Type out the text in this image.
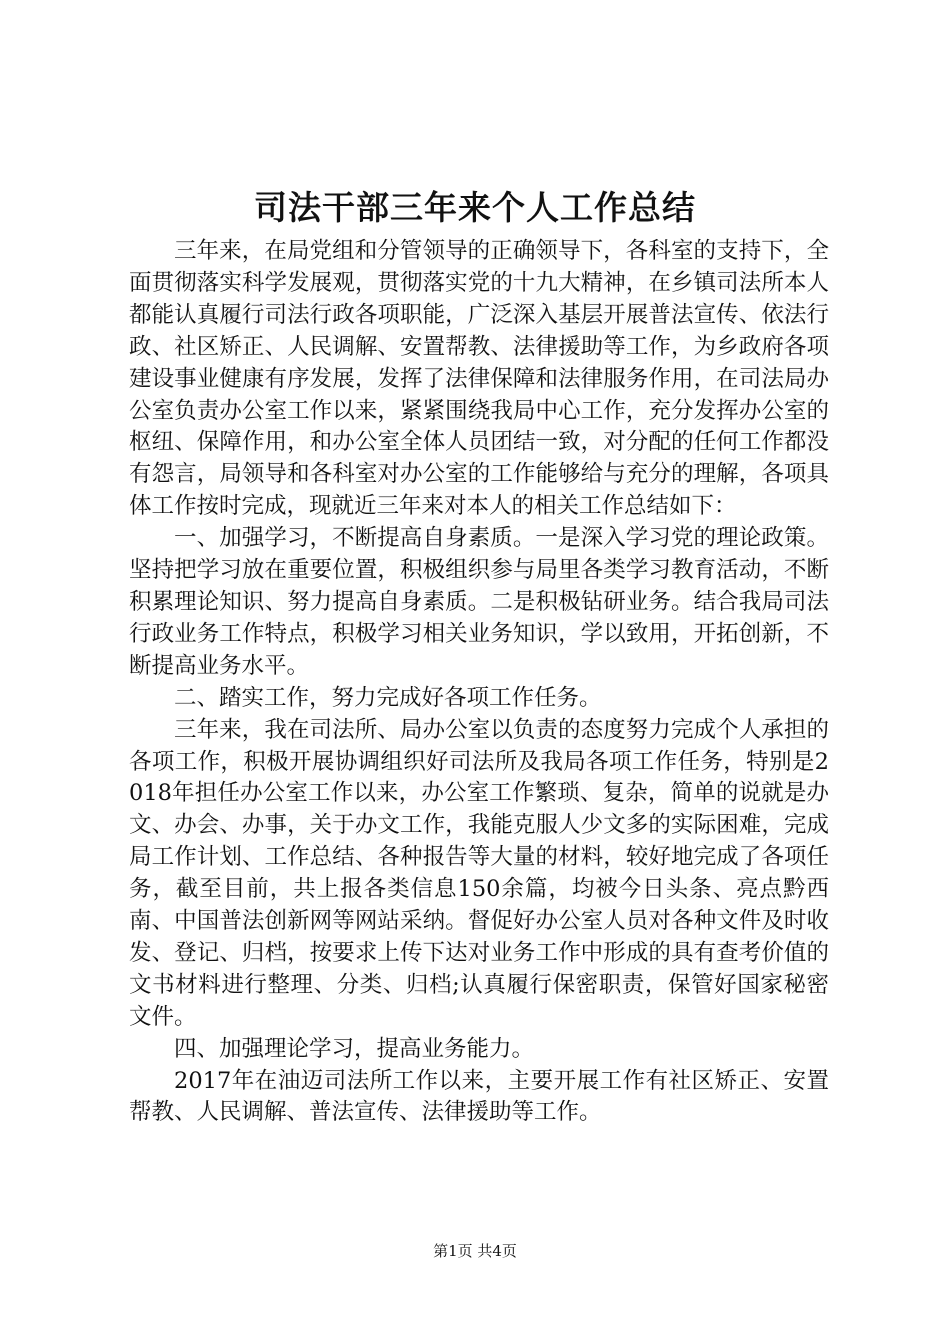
司法干部三年来个人工作总结

三年来，在局党组和分管领导的正确领导下，各科室的支持下，全面贯彻落实科学发展观，贯彻落实党的十九大精神，在乡镇司法所本人都能认真履行司法行政各项职能，广泛深入基层开展普法宣传、依法行政、社区矫正、人民调解、安置帮教、法律援助等工作，为乡政府各项建设事业健康有序发展，发挥了法律保障和法律服务作用，在司法局办公室负责办公室工作以来，紧紧围绕我局中心工作，充分发挥办公室的枢纽、保障作用，和办公室全体人员团结一致，对分配的任何工作都没有怨言，局领导和各科室对办公室的工作能够给与充分的理解，各项具体工作按时完成，现就近三年来对本人的相关工作总结如下：

一、加强学习，不断提高自身素质。一是深入学习党的理论政策。坚持把学习放在重要位置，积极组织参与局里各类学习教育活动，不断积累理论知识、努力提高自身素质。二是积极钻研业务。结合我局司法行政业务工作特点，积极学习相关业务知识，学以致用，开拓创新，不断提高业务水平。

二、踏实工作，努力完成好各项工作任务。

三年来，我在司法所、局办公室以负责的态度努力完成个人承担的各项工作，积极开展协调组织好司法所及我局各项工作任务，特别是2018年担任办公室工作以来，办公室工作繁琐、复杂，简单的说就是办文、办会、办事，关于办文工作，我能克服人少文多的实际困难，完成局工作计划、工作总结、各种报告等大量的材料，较好地完成了各项任务，截至目前，共上报各类信息150余篇，均被今日头条、亮点黔西南、中国普法创新网等网站采纳。督促好办公室人员对各种文件及时收发、登记、归档，按要求上传下达对业务工作中形成的具有查考价值的文书材料进行整理、分类、归档;认真履行保密职责，保管好国家秘密文件。

四、加强理论学习，提高业务能力。

2017年在油迈司法所工作以来，主要开展工作有社区矫正、安置帮教、人民调解、普法宣传、法律援助等工作。

第1页 共4页
